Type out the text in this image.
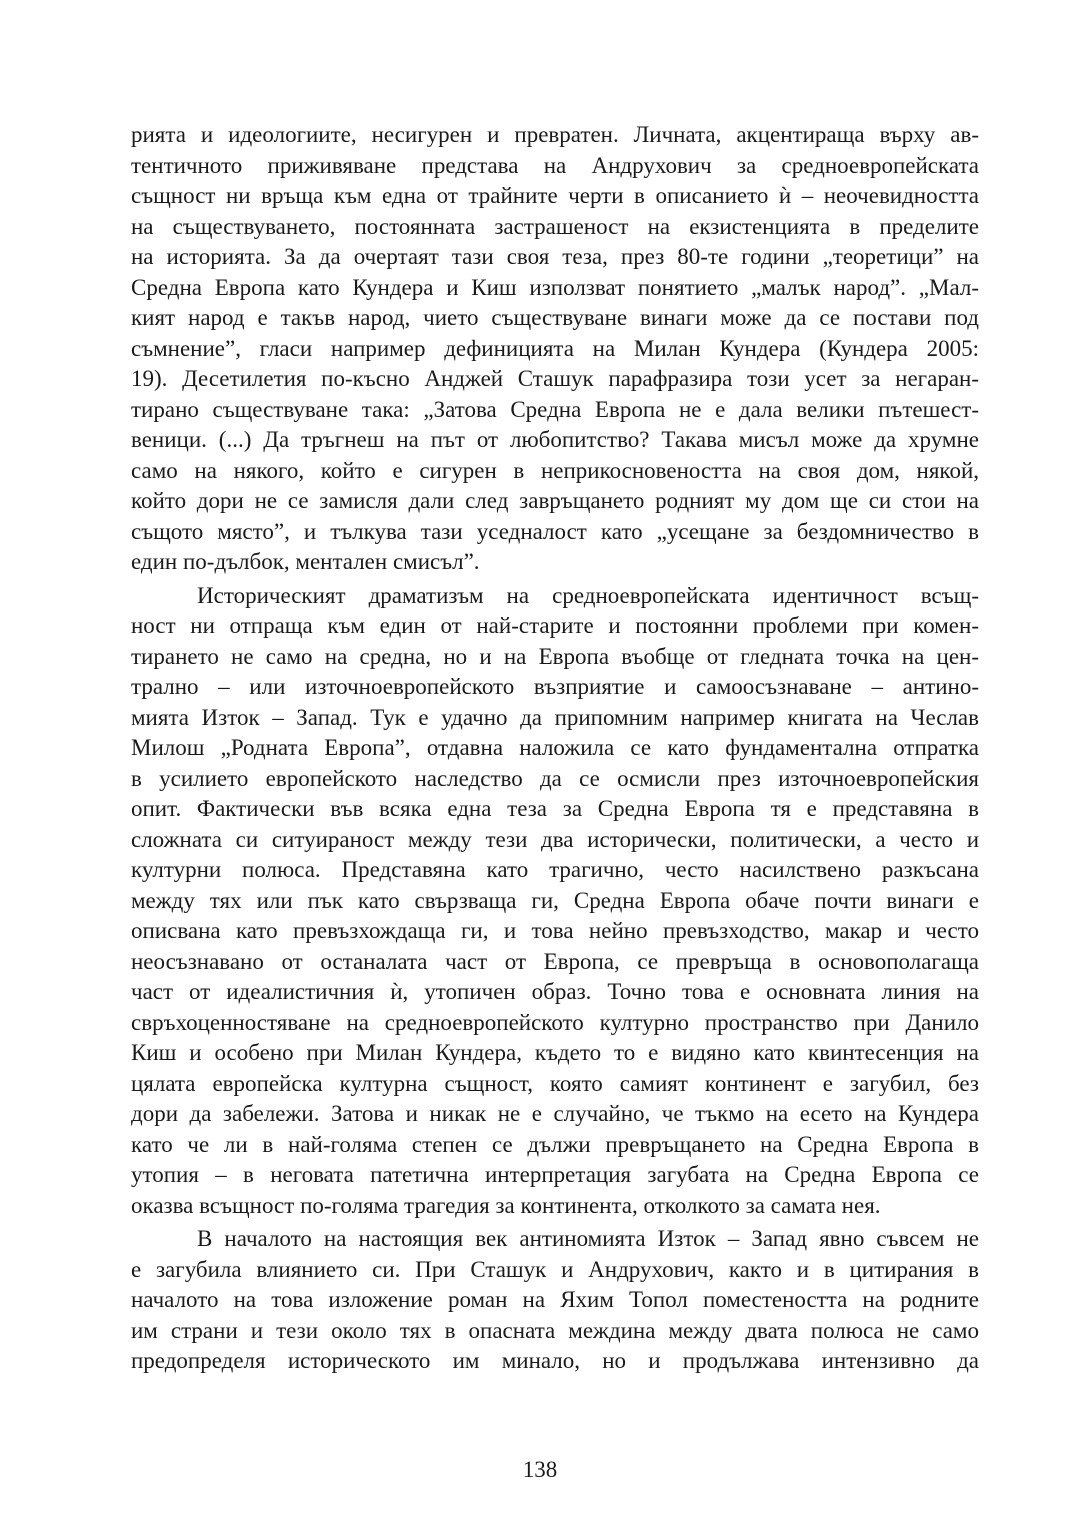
рията и идеологиите, несигурен и превратен. Личната, акцентираща върху ав-
тентичното приживяване представа на Андрухович за средноевропейската
същност ни връща към една от трайните черти в описанието ѝ – неочевидността
на съществуването, постоянната застрашеност на екзистенцията в пределите
на историята. За да очертаят тази своя теза, през 80-те години „теоретици” на
Средна Европа като Кундера и Киш използват понятието „малък народ”. „Мал-
кият народ е такъв народ, чието съществуване винаги може да се постави под
съмнение”, гласи например дефиницията на Милан Кундера (Кундера 2005:
19). Десетилетия по-късно Анджей Сташук парафразира този усет за негаран-
тирано съществуване така: „Затова Средна Европа не е дала велики пътешест-
веници. (...) Да тръгнеш на път от любопитство? Такава мисъл може да хрумне
само на някого, който е сигурен в неприкосновеността на своя дом, някой,
който дори не се замисля дали след завръщането родният му дом ще си стои на
същото място”, и тълкува тази уседналост като „усещане за бездомничество в
един по-дълбок, ментален смисъл”.
Историческият драматизъм на средноевропейската идентичност всъщ-
ност ни отпраща към един от най-старите и постоянни проблеми при комен-
тирането не само на средна, но и на Европа въобще от гледната точка на цен-
трално – или източноевропейското възприятие и самоосъзнаване – антино-
мията Изток – Запад. Тук е удачно да припомним например книгата на Чеслав
Милош „Родната Европа”, отдавна наложила се като фундаментална отпратка
в усилието европейското наследство да се осмисли през източноевропейския
опит. Фактически във всяка една теза за Средна Европа тя е представяна в
сложната си ситуираност между тези два исторически, политически, а често и
културни полюса. Представяна като трагично, често насилствено разкъсана
между тях или пък като свързваща ги, Средна Европа обаче почти винаги е
описвана като превъзхождаща ги, и това нейно превъзходство, макар и често
неосъзнавано от останалата част от Европа, се превръща в основополагаща
част от идеалистичния ѝ, утопичен образ. Точно това е основната линия на
свръхоценностяване на средноевропейското културно пространство при Данило
Киш и особено при Милан Кундера, където то е видяно като квинтесенция на
цялата европейска културна същност, която самият континент е загубил, без
дори да забележи. Затова и никак не е случайно, че тъкмо на есето на Кундера
като че ли в най-голяма степен се дължи превръщането на Средна Европа в
утопия – в неговата патетична интерпретация загубата на Средна Европа се
оказва всъщност по-голяма трагедия за континента, отколкото за самата нея.
В началото на настоящия век антиномията Изток – Запад явно съвсем не
е загубила влиянието си. При Сташук и Андрухович, както и в цитирания в
началото на това изложение роман на Яхим Топол поместеността на родните
им страни и тези около тях в опасната междина между двата полюса не само
предопределя историческото им минало, но и продължава интензивно да
138
